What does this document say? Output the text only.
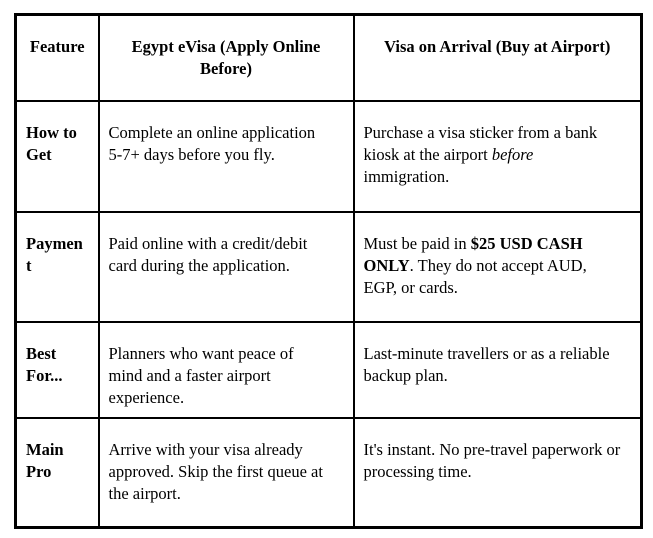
Feature	Egypt eVisa (Apply Online Before)	Visa on Arrival (Buy at Airport)

How to Get	Complete an online application 5-7+ days before you fly.	Purchase a visa sticker from a bank kiosk at the airport before immigration.

Payment	Paid online with a credit/debit card during the application.	Must be paid in $25 USD CASH ONLY. They do not accept AUD, EGP, or cards.

Best For...	Planners who want peace of mind and a faster airport experience.	Last-minute travellers or as a reliable backup plan.

Main Pro	Arrive with your visa already approved. Skip the first queue at the airport.	It's instant. No pre-travel paperwork or processing time.
